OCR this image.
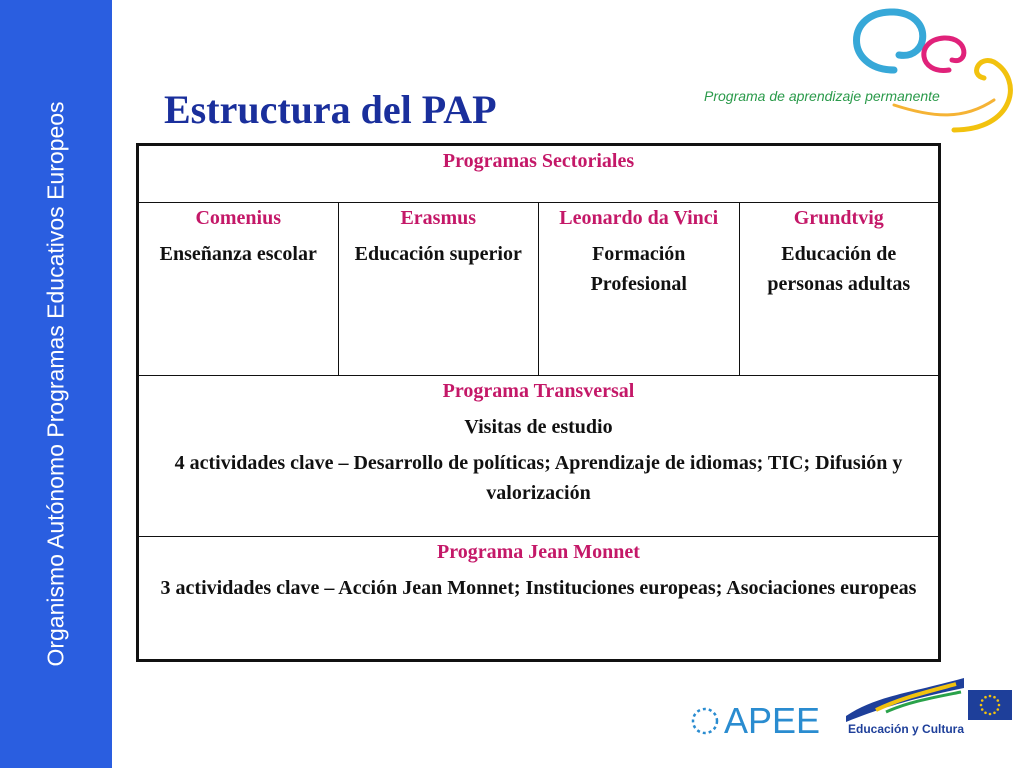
Organismo Autónomo Programas Educativos Europeos Estructura del PAP	Programa de aprendizaje permanente
Programas Sectoriales

Comenius
Enseñanza escolar

Erasmus
Educación superior

Leonardo da Vinci
Formación Profesional

Grundtvig
Educación de personas adultas

Programa Transversal
Visitas de estudio
4 actividades clave – Desarrollo de políticas; Aprendizaje de idiomas; TIC; Difusión y valorización

Programa Jean Monnet
3 actividades clave – Acción Jean Monnet; Instituciones europeas; Asociaciones europeas
APEE Educación y Cultura
